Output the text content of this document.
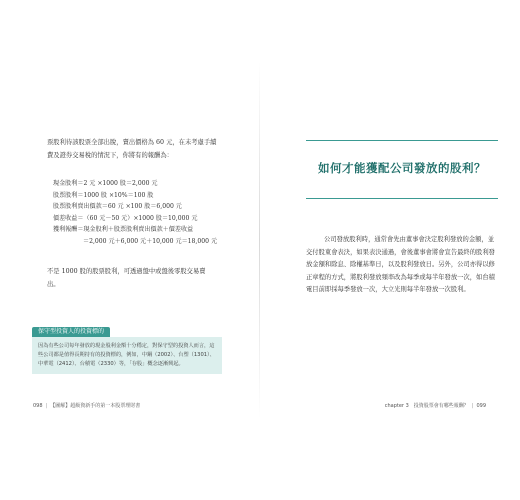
票股利待該股票全部出脫，賣出價格為 60 元，在未考慮手續費及證券交易稅的情況下，你將有的報酬為：

現金股利＝2 元 ×1000 股＝2,000 元
股票股利＝1000 股 ×10%＝100 股
股票股利賣出價款＝60 元 ×100 股＝6,000 元
價差收益＝（60 元－50 元）×1000 股＝10,000 元
獲利報酬＝現金股利＋股票股利賣出價款＋價差收益
＝2,000 元＋6,000 元＋10,000 元＝18,000 元

不是 1000 股的股票股利，可透過盤中或盤後零股交易賣出。

保守型投資人的投資標的
因為有些公司每年發放的現金股利金額十分穩定，對保守型的投資人而言，這些公司都是值得長期持有的投資標的，例如，中鋼（2002）、台塑（1301）、中華電（2412）、台積電（2330）等，「存股」概念逐漸興起。
098 | 【圖解】超級資新手的第一本股票理財書
如何才能獲配公司發放的股利？

公司發放股利時，通常會先由董事會決定股利發放的金額，並交付股東會表決，如果表決通過，會後董事會將會宣告最終的股利發放金額和除息、除權基準日，以及股利發放日。另外，公司亦得以修正章程的方式，將股利發放頻率改為每季或每半年發放一次，如台積電目前即採每季發放一次，大立光則每半年發放一次股利。

chapter 3　投資股票會有哪些報酬？ | 099
